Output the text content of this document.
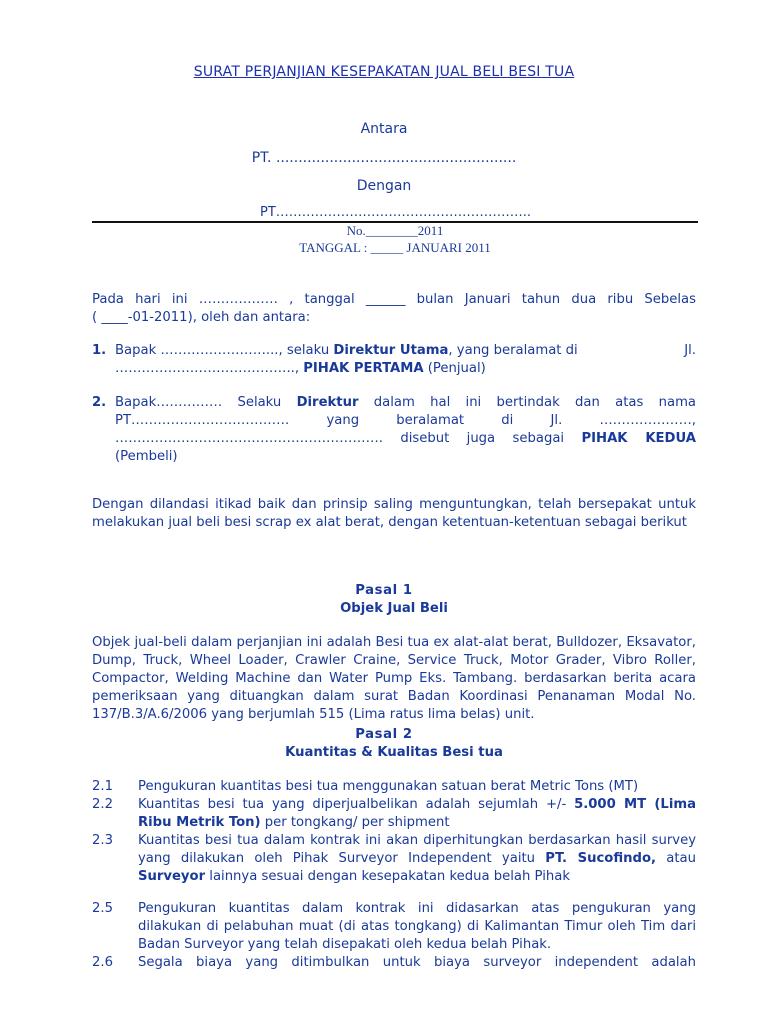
SURAT PERJANJIAN KESEPAKATAN JUAL BELI BESI TUA
Antara
PT. ......................................................
Dengan
PT…………………………………………………..
No.________2011
TANGGAL : _____ JANUARI 2011
Pada hari ini ……………… , tanggal ______ bulan Januari tahun dua ribu Sebelas
( ____-01-2011), oleh dan antara:
1. Bapak ……………………..., selaku Direktur Utama, yang beralamat di	Jl.
………………………………….., PIHAK PERTAMA (Penjual)
2. Bapak…………… Selaku Direktur dalam hal ini bertindak dan atas nama
PT……………………………… yang beralamat di Jl. …………………,
……………………………………………………. disebut juga sebagai PIHAK KEDUA
(Pembeli)
Dengan dilandasi itikad baik dan prinsip saling menguntungkan, telah bersepakat untuk melakukan jual beli besi scrap ex alat berat, dengan ketentuan-ketentuan sebagai berikut
Pasal 1
Objek Jual Beli
Objek jual-beli dalam perjanjian ini adalah Besi tua ex alat-alat berat, Bulldozer, Eksavator, Dump, Truck, Wheel Loader, Crawler Craine, Service Truck, Motor Grader, Vibro Roller, Compactor, Welding Machine dan Water Pump Eks. Tambang. berdasarkan berita acara pemeriksaan yang dituangkan dalam surat Badan Koordinasi Penanaman Modal No. 137/B.3/A.6/2006 yang berjumlah 515 (Lima ratus lima belas) unit.
Pasal 2
Kuantitas & Kualitas Besi tua
2.1 Pengukuran kuantitas besi tua menggunakan satuan berat Metric Tons (MT)
2.2 Kuantitas besi tua yang diperjualbelikan adalah sejumlah +/- 5.000 MT (Lima Ribu Metrik Ton) per tongkang/ per shipment
2.3 Kuantitas besi tua dalam kontrak ini akan diperhitungkan berdasarkan hasil survey yang dilakukan oleh Pihak Surveyor Independent yaitu PT. Sucofindo, atau Surveyor lainnya sesuai dengan kesepakatan kedua belah Pihak
2.5 Pengukuran kuantitas dalam kontrak ini didasarkan atas pengukuran yang dilakukan di pelabuhan muat (di atas tongkang) di Kalimantan Timur oleh Tim dari Badan Surveyor yang telah disepakati oleh kedua belah Pihak.
2.6 Segala biaya yang ditimbulkan untuk biaya surveyor independent adalah
